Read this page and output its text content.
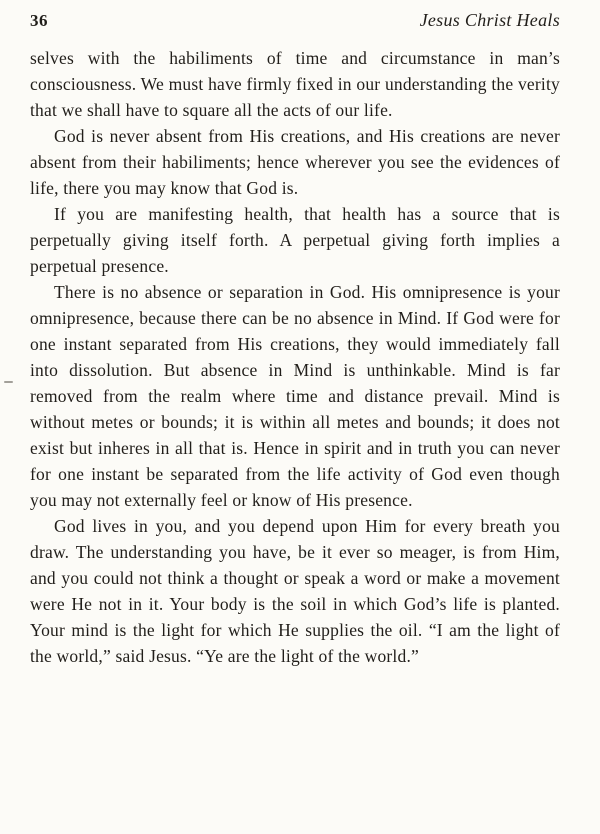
36	Jesus Christ Heals

selves with the habiliments of time and circumstance in man’s consciousness. We must have firmly fixed in our understanding the verity that we shall have to square all the acts of our life.

God is never absent from His creations, and His creations are never absent from their habiliments; hence wherever you see the evidences of life, there you may know that God is.

If you are manifesting health, that health has a source that is perpetually giving itself forth. A perpetual giving forth implies a perpetual presence.

There is no absence or separation in God. His omnipresence is your omnipresence, because there can be no absence in Mind. If God were for one instant separated from His creations, they would immediately fall into dissolution. But absence in Mind is unthinkable. Mind is far removed from the realm where time and distance prevail. Mind is without metes or bounds; it is within all metes and bounds; it does not exist but inheres in all that is. Hence in spirit and in truth you can never for one instant be separated from the life activity of God even though you may not externally feel or know of His presence.

God lives in you, and you depend upon Him for every breath you draw. The understanding you have, be it ever so meager, is from Him, and you could not think a thought or speak a word or make a movement were He not in it. Your body is the soil in which God’s life is planted. Your mind is the light for which He supplies the oil. “I am the light of the world,” said Jesus. “Ye are the light of the world.”
